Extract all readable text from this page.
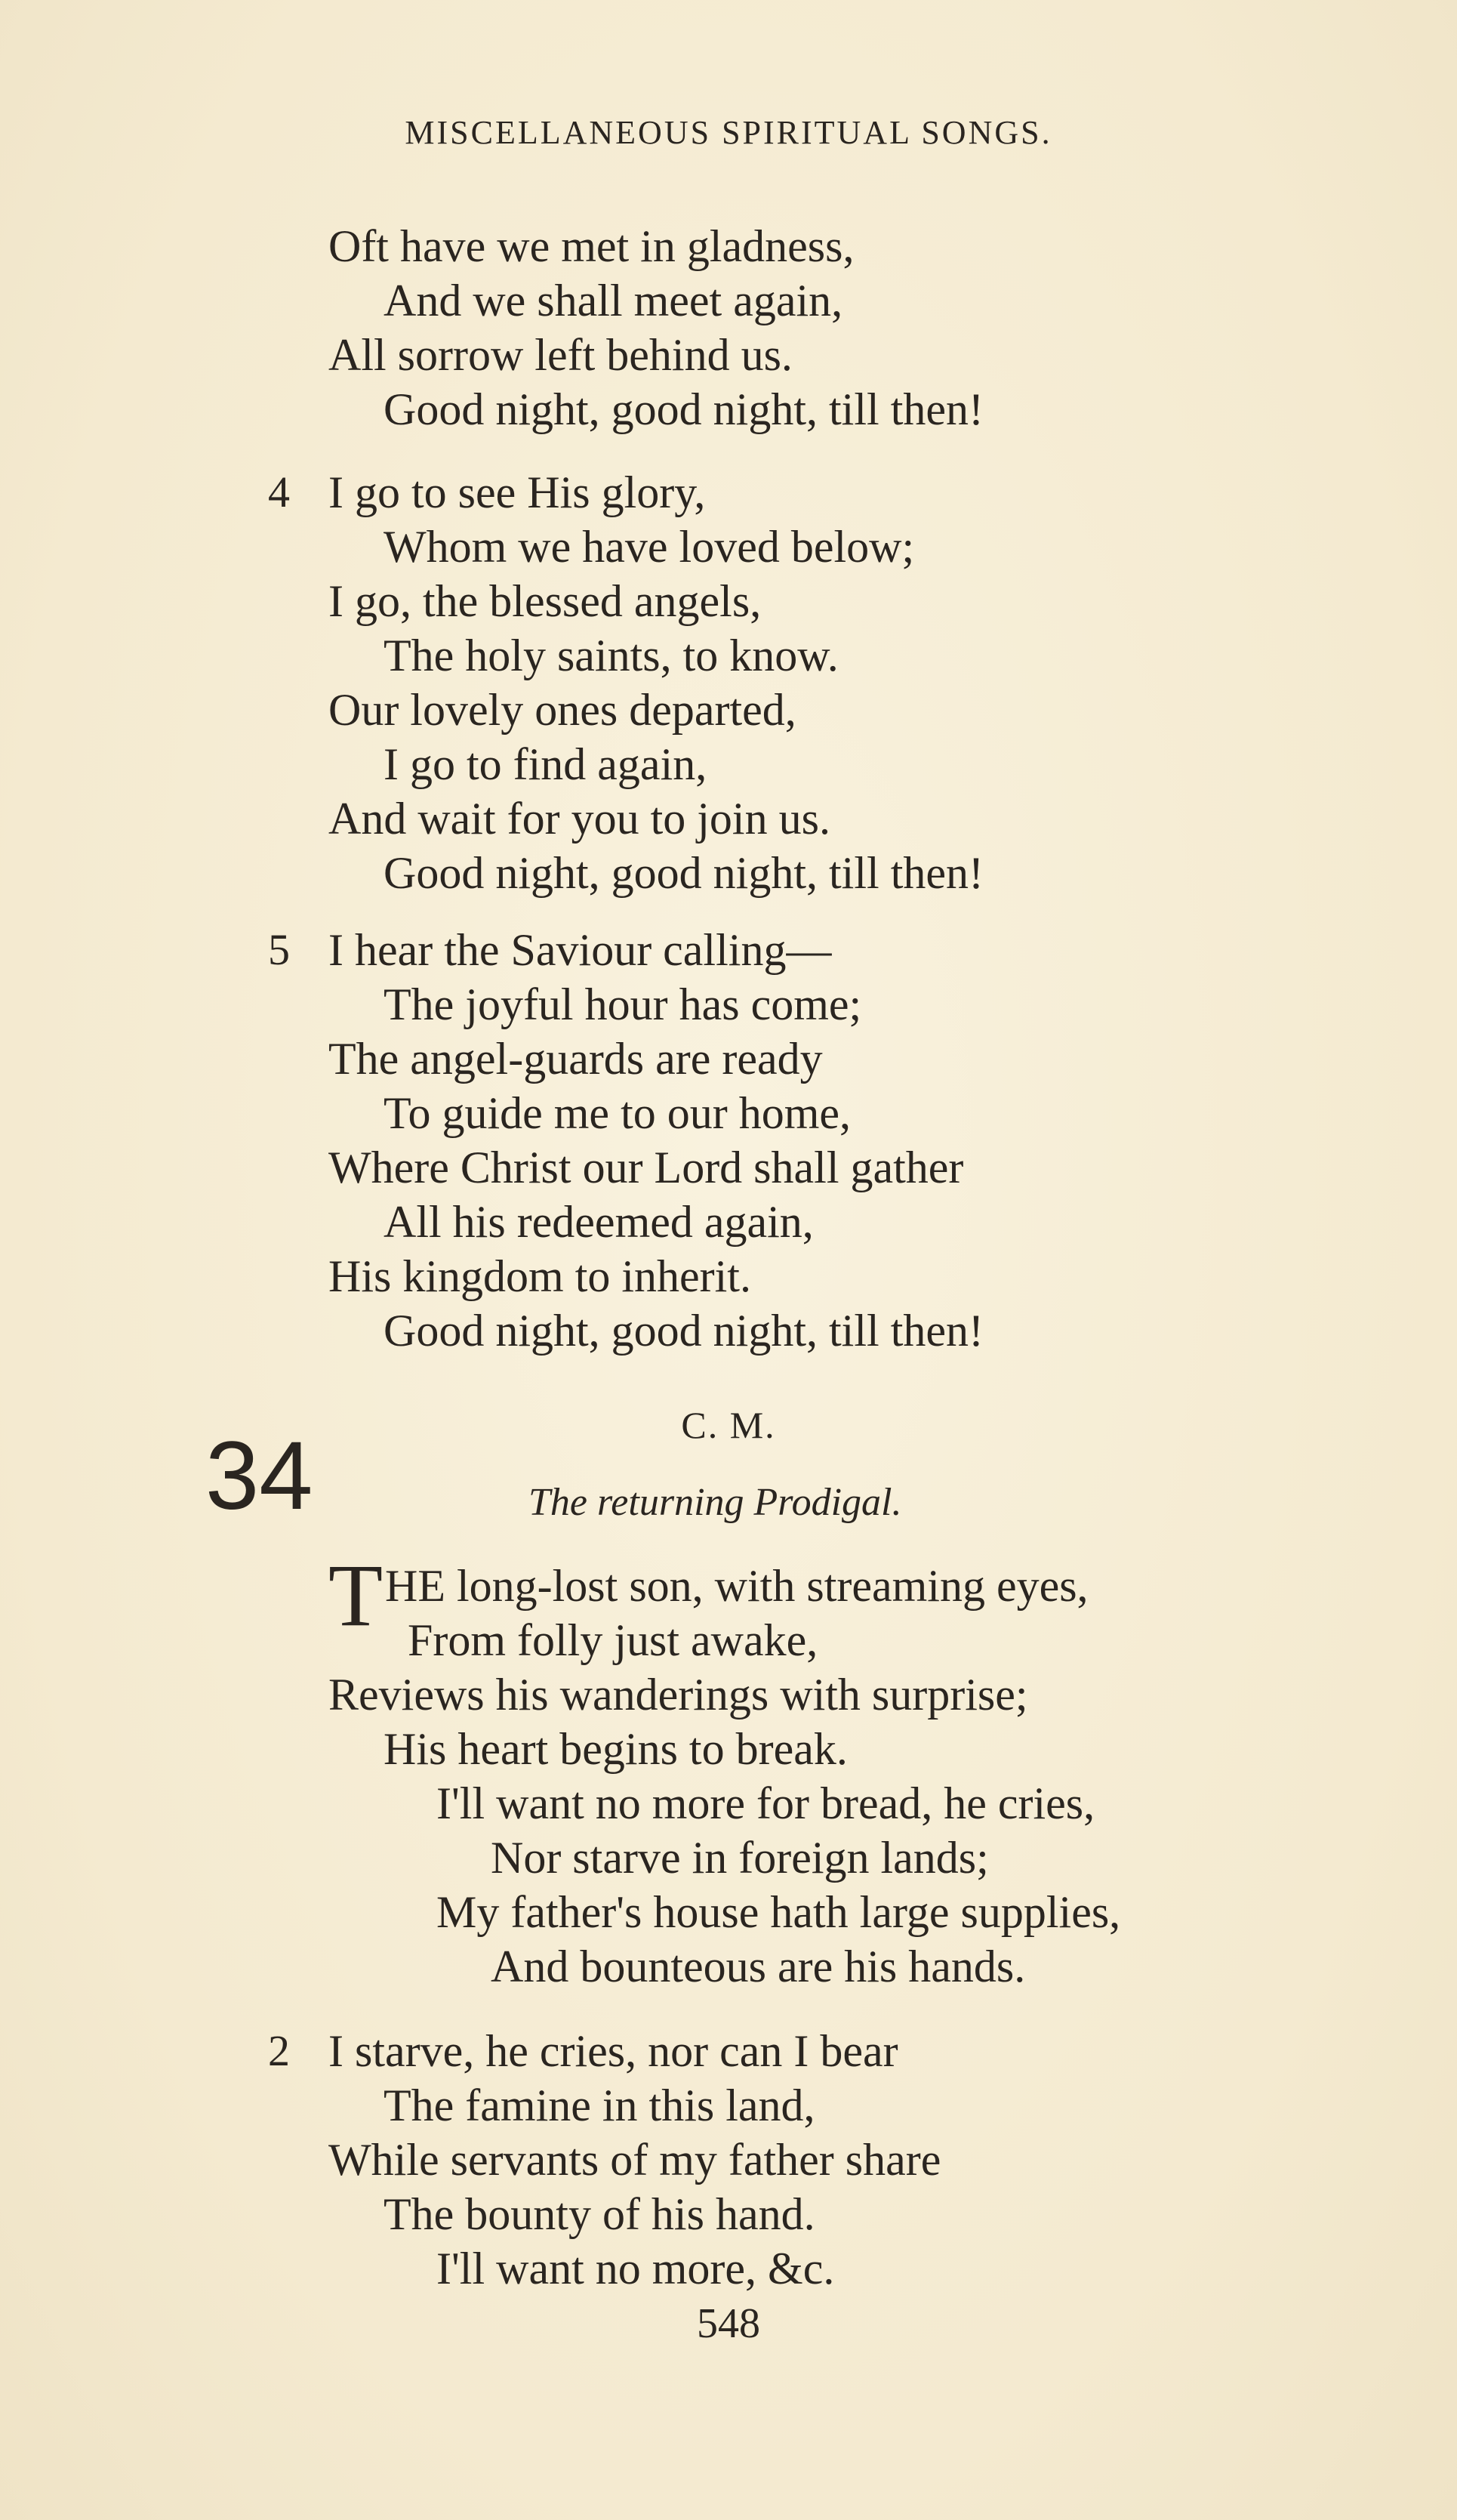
MISCELLANEOUS SPIRITUAL SONGS.
Oft have we met in gladness,
And we shall meet again,
All sorrow left behind us.
Good night, good night, till then!
4 I go to see His glory,
Whom we have loved below;
I go, the blessed angels,
The holy saints, to know.
Our lovely ones departed,
I go to find again,
And wait for you to join us.
Good night, good night, till then!
5 I hear the Saviour calling—
The joyful hour has come;
The angel-guards are ready
To guide me to our home,
Where Christ our Lord shall gather
All his redeemed again,
His kingdom to inherit.
Good night, good night, till then!
34	C. M.
The returning Prodigal.
T HE long-lost son, with streaming eyes,
From folly just awake,
Reviews his wanderings with surprise;
His heart begins to break.
I'll want no more for bread, he cries,
Nor starve in foreign lands;
My father's house hath large supplies,
And bounteous are his hands.
2 I starve, he cries, nor can I bear
The famine in this land,
While servants of my father share
The bounty of his hand.
I'll want no more, &c.
548
